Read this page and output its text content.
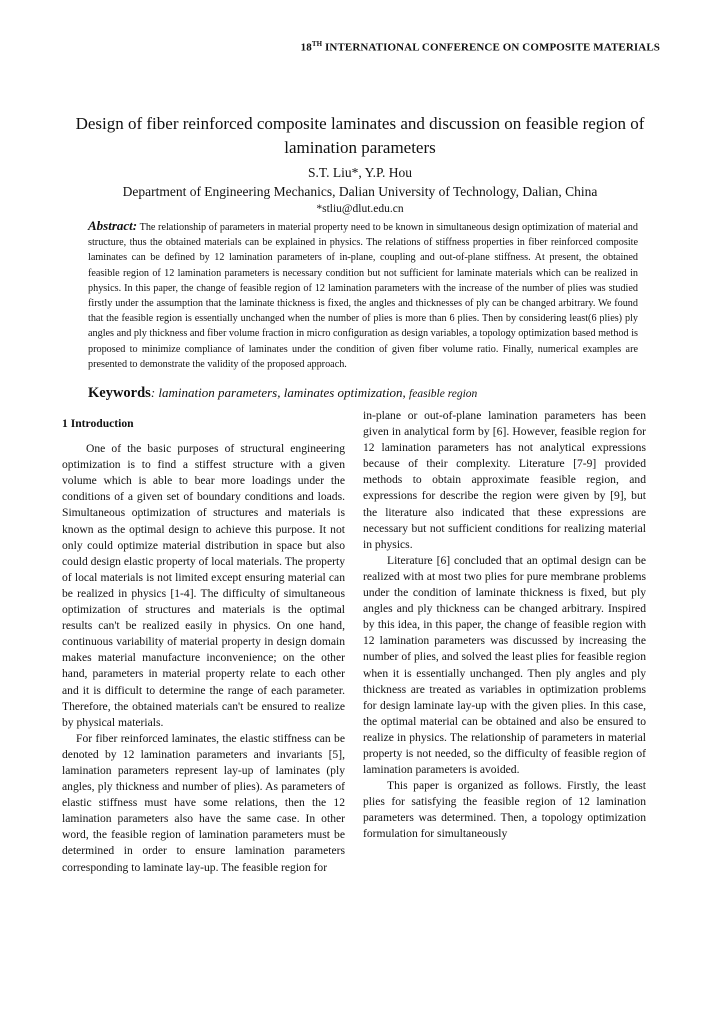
18TH INTERNATIONAL CONFERENCE ON COMPOSITE MATERIALS
Design of fiber reinforced composite laminates and discussion on feasible region of lamination parameters
S.T. Liu*, Y.P. Hou
Department of Engineering Mechanics, Dalian University of Technology, Dalian, China
*stliu@dlut.edu.cn
Abstract: The relationship of parameters in material property need to be known in simultaneous design optimization of material and structure, thus the obtained materials can be explained in physics. The relations of stiffness properties in fiber reinforced composite laminates can be defined by 12 lamination parameters of in-plane, coupling and out-of-plane stiffness. At present, the obtained feasible region of 12 lamination parameters is necessary condition but not sufficient for laminate materials which can be realized in physics. In this paper, the change of feasible region of 12 lamination parameters with the increase of the number of plies was studied firstly under the assumption that the laminate thickness is fixed, the angles and thicknesses of ply can be changed arbitrary. We found that the feasible region is essentially unchanged when the number of plies is more than 6 plies. Then by considering least(6 plies) ply angles and ply thickness and fiber volume fraction in micro configuration as design variables, a topology optimization based method is proposed to minimize compliance of laminates under the condition of given fiber volume ratio. Finally, numerical examples are presented to demonstrate the validity of the proposed approach.
Keywords: lamination parameters, laminates optimization, feasible region
1 Introduction

One of the basic purposes of structural engineering optimization is to find a stiffest structure with a given volume which is able to bear more loadings under the conditions of a given set of boundary conditions and loads. Simultaneous optimization of structures and materials is known as the optimal design to achieve this purpose. It not only could optimize material distribution in space but also could design elastic property of local materials. The property of local materials is not limited except ensuring material can be realized in physics [1-4]. The difficulty of simultaneous optimization of structures and materials is the optimal results can't be realized easily in physics. On one hand, continuous variability of material property in design domain makes material manufacture inconvenience; on the other hand, parameters in material property relate to each other and it is difficult to determine the range of each parameter. Therefore, the obtained materials can't be ensured to realize by physical materials.

For fiber reinforced laminates, the elastic stiffness can be denoted by 12 lamination parameters and invariants [5], lamination parameters represent lay-up of laminates (ply angles, ply thickness and number of plies). As parameters of elastic stiffness must have some relations, then the 12 lamination parameters also have the same case. In other word, the feasible region of lamination parameters must be determined in order to ensure lamination parameters corresponding to laminate lay-up. The feasible region for

in-plane or out-of-plane lamination parameters has been given in analytical form by [6]. However, feasible region for 12 lamination parameters has not analytical expressions because of their complexity. Literature [7-9] provided methods to obtain approximate feasible region, and expressions for describe the region were given by [9], but the literature also indicated that these expressions are necessary but not sufficient conditions for realizing material in physics.

Literature [6] concluded that an optimal design can be realized with at most two plies for pure membrane problems under the condition of laminate thickness is fixed, but ply angles and ply thickness can be changed arbitrary. Inspired by this idea, in this paper, the change of feasible region with 12 lamination parameters was discussed by increasing the number of plies, and solved the least plies for feasible region when it is essentially unchanged. Then ply angles and ply thickness are treated as variables in optimization problems for design laminate lay-up with the given plies. In this case, the optimal material can be obtained and also be ensured to realize in physics. The relationship of parameters in material property is not needed, so the difficulty of feasible region of lamination parameters is avoided.

This paper is organized as follows. Firstly, the least plies for satisfying the feasible region of 12 lamination parameters was determined. Then, a topology optimization formulation for simultaneously
